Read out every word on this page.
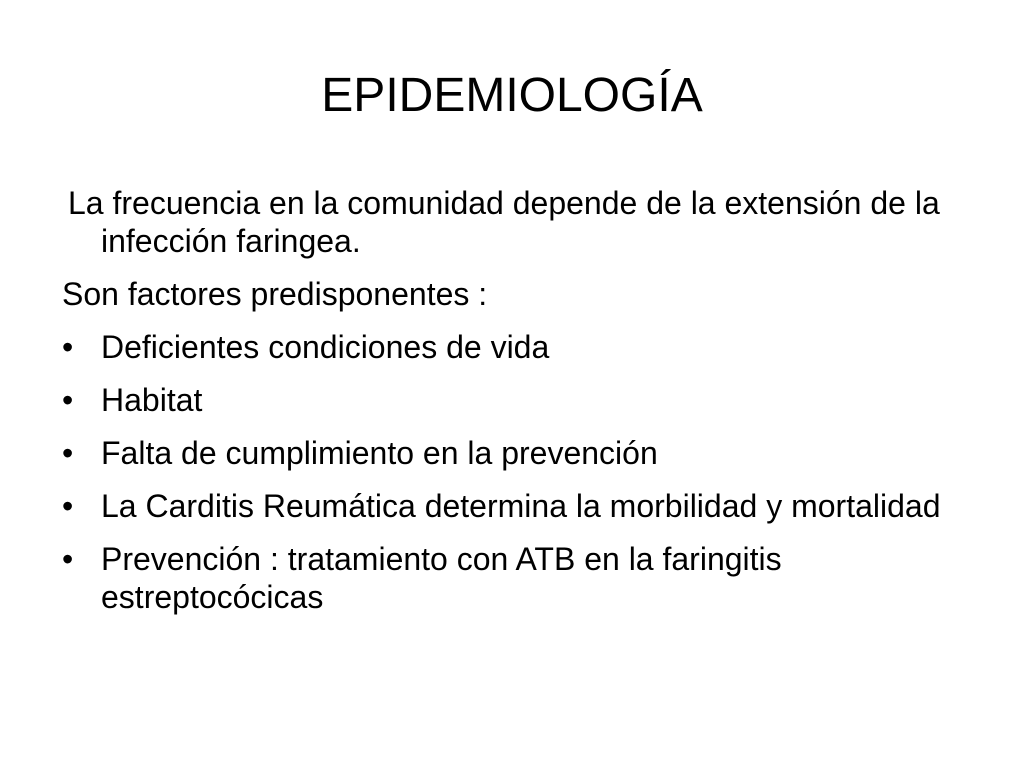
EPIDEMIOLOGÍA
La frecuencia en la comunidad depende de la extensión de la infección faringea.
Son factores predisponentes :
• Deficientes condiciones de vida
• Habitat
• Falta de cumplimiento en la prevención
• La Carditis Reumática determina la morbilidad y mortalidad
• Prevención : tratamiento con ATB en la faringitis estreptocócicas
